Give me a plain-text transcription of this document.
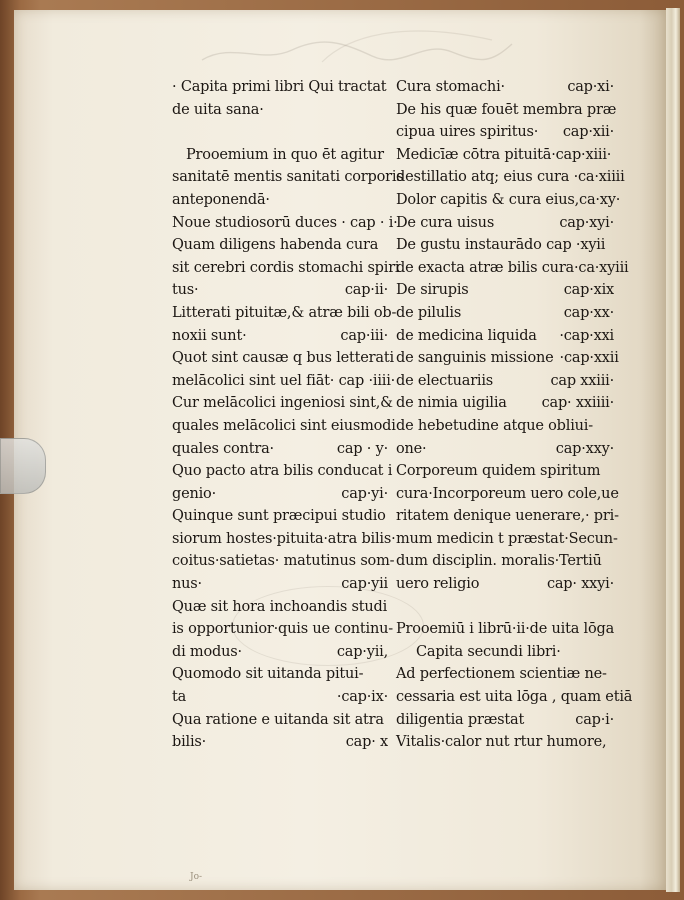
· Capita primi libri Qui tractat
de uita sana·
Prooemium in quo ēt agitur
sanitatē mentis sanitati corporis
anteponendā·
Noue studiosorū duces · cap · i·
Quam diligens habenda cura
sit cerebri cordis stomachi spiri
tus·	cap·ii·
Litterati pituitæ,& atræ bili ob-
noxii sunt·	cap·iii·
Quot sint causæ q bus letterati
melācolici sint uel fiāt· cap ·iiii·
Cur melācolici ingeniosi sint,&
quales melācolici sint eiusmodi
quales contra·	cap · y·
Quo pacto atra bilis conducat i
genio·	cap·yi·
Quinque sunt præcipui studio
siorum hostes·pituita·atra bilis·
coitus·satietas· matutinus som-
nus·	cap·yii
Quæ sit hora inchoandis studi
is opportunior·quis ue continu-
di modus·	cap·yii,
Quomodo sit uitanda pitui-
ta	·cap·ix·
Qua ratione e uitanda sit atra
bilis·	cap· x
Cura stomachi·	cap·xi·
De his quæ fouēt membra præ
cipua uires spiritus·	cap·xii·
Medicīæ cōtra pituitā·cap·xiii·
destillatio atq; eius cura ·ca·xiiii
Dolor capitis & cura eius,ca·xy·
De cura uisus	cap·xyi·
De gustu instaurādo cap ·xyii
de exacta atræ bilis cura·ca·xyiii
De sirupis	cap·xix
de pilulis	cap·xx·
de medicina liquida	·cap·xxi
de sanguinis missione ·cap·xxii
de electuariis	cap xxiii·
de nimia uigilia	cap· xxiiii·
de hebetudine atque obliui-
one·	cap·xxy·
Corporeum quidem spiritum
cura·Incorporeum uero cole,ue
ritatem denique uenerare,· pri-
mum medicin t præstat·Secun-
dum disciplin. moralis·Tertiū
uero religio	cap· xxyi·
Prooemiū i librū·ii·de uita lōga
Capita secundi libri·
Ad perfectionem scientiæ ne-
cessaria est uita lōga , quam etiā
diligentia præstat	cap·i·
Vitalis·calor nut rtur humore,
Jo-
